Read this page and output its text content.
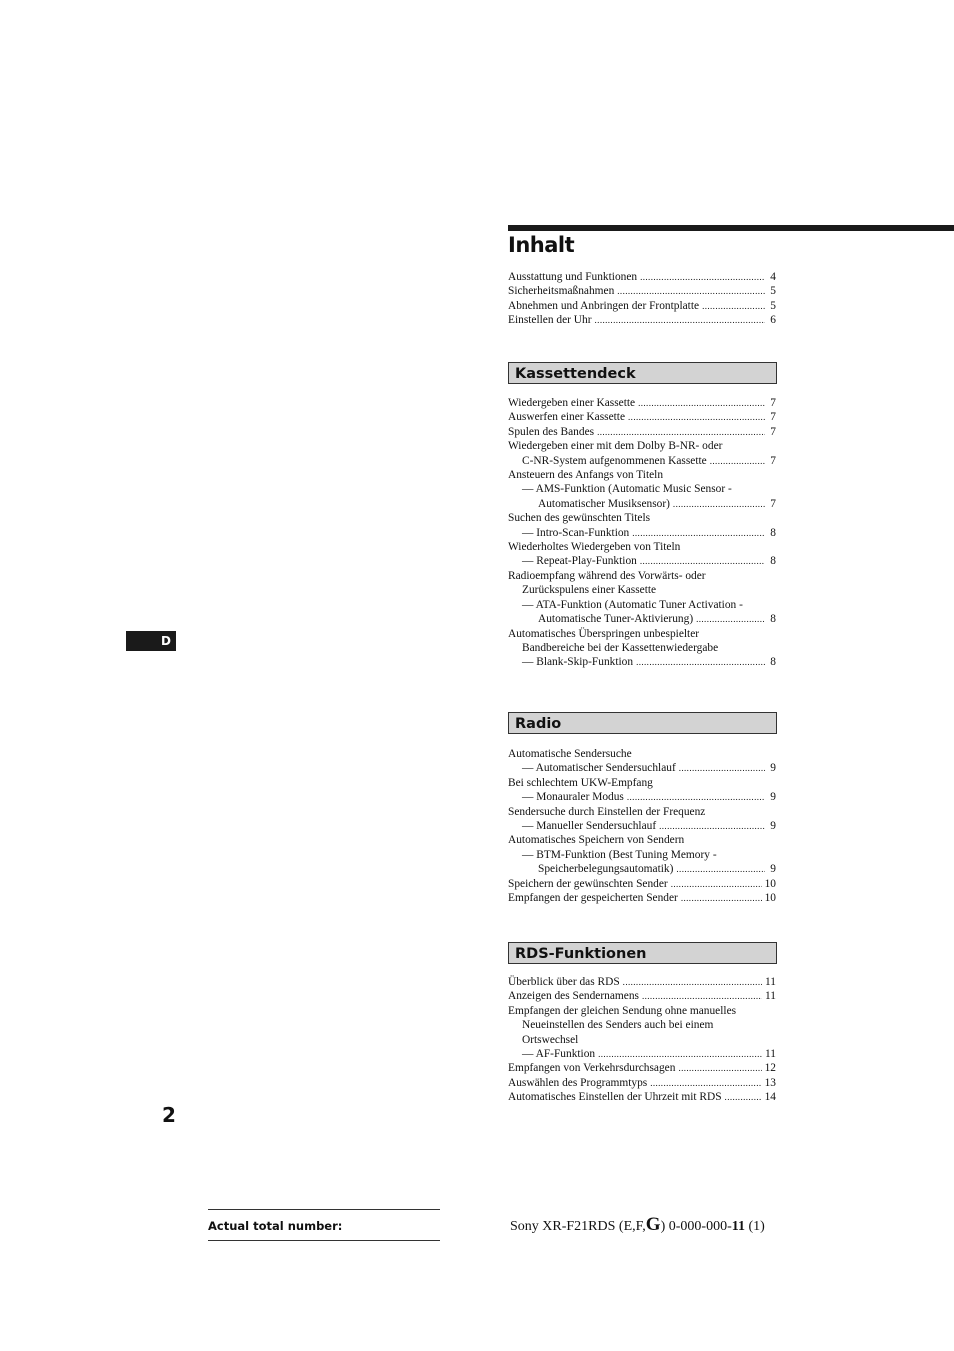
Inhalt
Ausstattung und Funktionen .....	4
Sicherheitsmaßnahmen .....	5
Abnehmen und Anbringen der Frontplatte .....	5
Einstellen der Uhr .....	6
Kassettendeck
Wiedergeben einer Kassette .....	7
Auswerfen einer Kassette .....	7
Spulen des Bandes .....	7
Wiedergeben einer mit dem Dolby B-NR- oder
C-NR-System aufgenommenen Kassette .....	7
Ansteuern des Anfangs von Titeln
— AMS-Funktion (Automatic Music Sensor -
Automatischer Musiksensor) .....	7
Suchen des gewünschten Titels
— Intro-Scan-Funktion .....	8
Wiederholtes Wiedergeben von Titeln
— Repeat-Play-Funktion .....	8
Radioempfang während des Vorwärts- oder
Zurückspulens einer Kassette
— ATA-Funktion (Automatic Tuner Activation -
Automatische Tuner-Aktivierung) .....	8
Automatisches Überspringen unbespielter
Bandbereiche bei der Kassettenwiedergabe
— Blank-Skip-Funktion .....	8
Radio
Automatische Sendersuche
— Automatischer Sendersuchlauf .....	9
Bei schlechtem UKW-Empfang
— Monauraler Modus .....	9
Sendersuche durch Einstellen der Frequenz
— Manueller Sendersuchlauf .....	9
Automatisches Speichern von Sendern
— BTM-Funktion (Best Tuning Memory -
Speicherbelegungsautomatik) .....	9
Speichern der gewünschten Sender .....	10
Empfangen der gespeicherten Sender .....	10
RDS-Funktionen
Überblick über das RDS .....	11
Anzeigen des Sendernamens .....	11
Empfangen der gleichen Sendung ohne manuelles
Neueinstellen des Senders auch bei einem
Ortswechsel
— AF-Funktion .....	11
Empfangen von Verkehrsdurchsagen .....	12
Auswählen des Programmtyps .....	13
Automatisches Einstellen der Uhrzeit mit RDS .....	14
D
2
Actual total number:	Sony XR-F21RDS (E,F,G) 0-000-000-11 (1)
